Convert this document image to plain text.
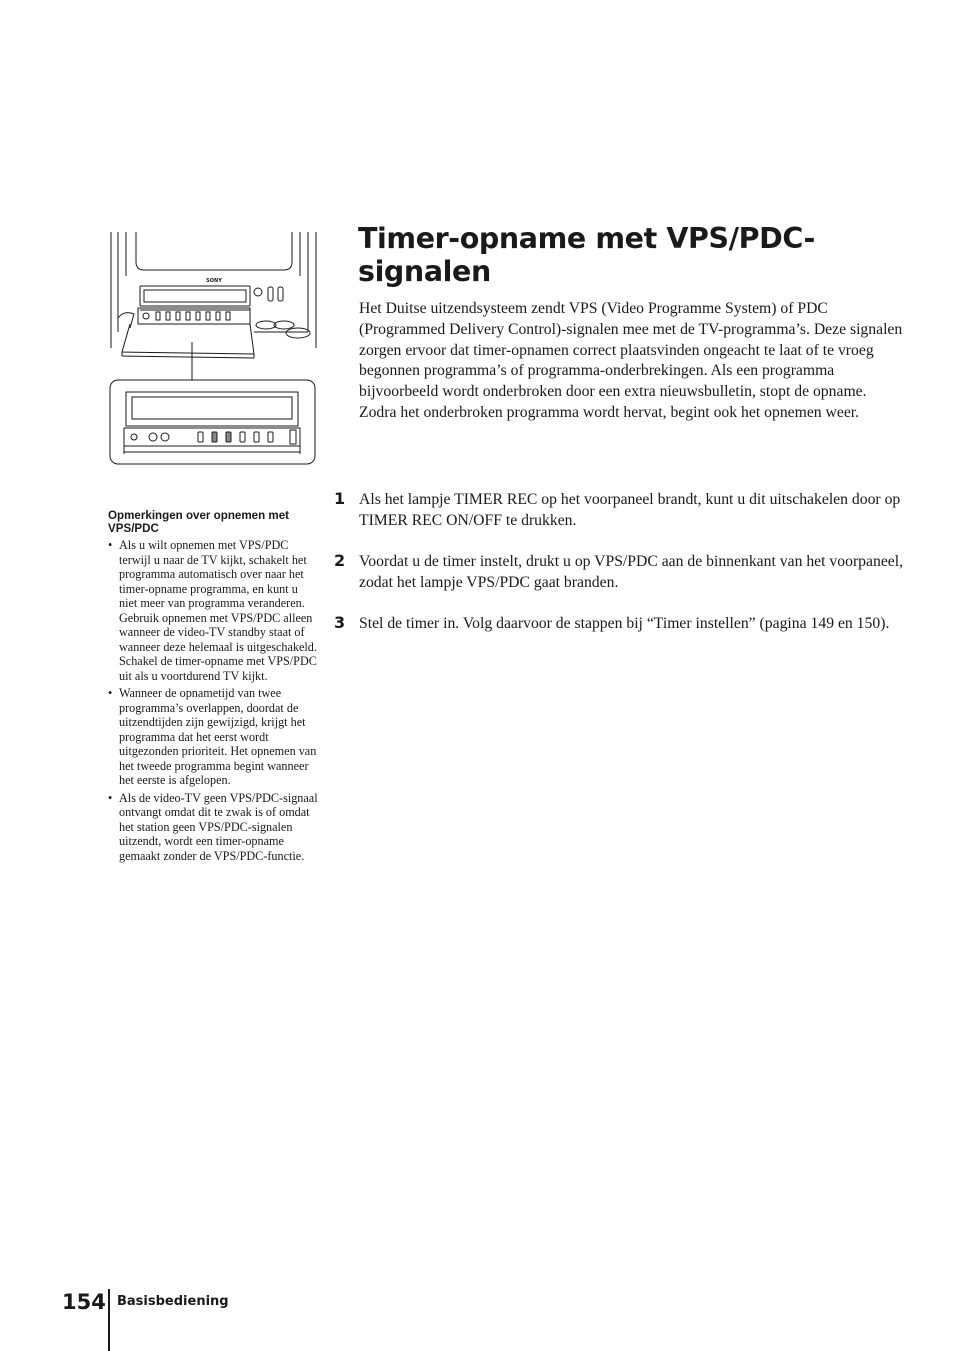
SONY

Opmerkingen over opnemen met VPS/PDC

• Als u wilt opnemen met VPS/PDC terwijl u naar de TV kijkt, schakelt het programma automatisch over naar het timer-opname programma, en kunt u niet meer van programma veranderen. Gebruik opnemen met VPS/PDC alleen wanneer de video-TV standby staat of wanneer deze helemaal is uitgeschakeld. Schakel de timer-opname met VPS/PDC uit als u voortdurend TV kijkt.
• Wanneer de opnametijd van twee programma’s overlappen, doordat de uitzendtijden zijn gewijzigd, krijgt het programma dat het eerst wordt uitgezonden prioriteit. Het opnemen van het tweede programma begint wanneer het eerste is afgelopen.
• Als de video-TV geen VPS/PDC-signaal ontvangt omdat dit te zwak is of omdat het station geen VPS/PDC-signalen uitzendt, wordt een timer-opname gemaakt zonder de VPS/PDC-functie.
Timer-opname met VPS/PDC-signalen

Het Duitse uitzendsysteem zendt VPS (Video Programme System) of PDC (Programmed Delivery Control)-signalen mee met de TV-programma’s. Deze signalen zorgen ervoor dat timer-opnamen correct plaatsvinden ongeacht te laat of te vroeg begonnen programma’s of programma-onderbrekingen. Als een programma bijvoorbeeld wordt onderbroken door een extra nieuwsbulletin, stopt de opname. Zodra het onderbroken programma wordt hervat, begint ook het opnemen weer.

1 Als het lampje TIMER REC op het voorpaneel brandt, kunt u dit uitschakelen door op TIMER REC ON/OFF te drukken.

2 Voordat u de timer instelt, drukt u op VPS/PDC aan de binnenkant van het voorpaneel, zodat het lampje VPS/PDC gaat branden.

3 Stel de timer in. Volg daarvoor de stappen bij “Timer instellen” (pagina 149 en 150).

154 Basisbediening
